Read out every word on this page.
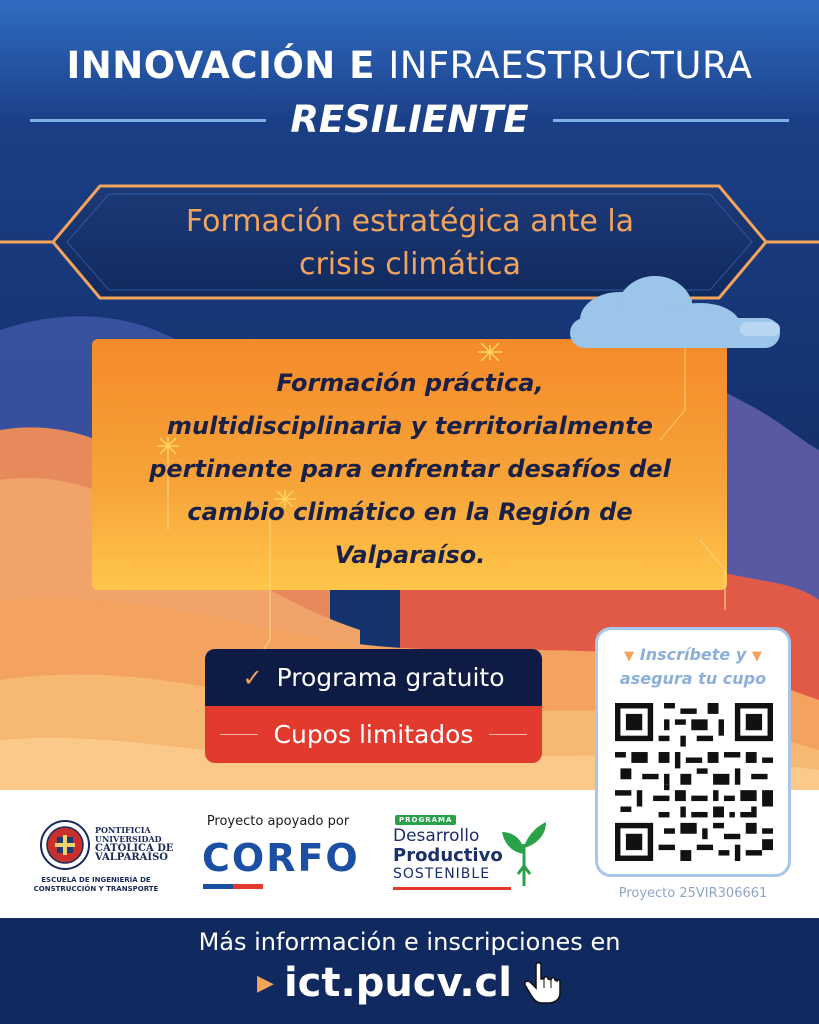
INNOVACIÓN E INFRAESTRUCTURA
RESILIENTE
Formación estratégica ante la
crisis climática
Formación práctica,
multidisciplinaria y territorialmente
pertinente para enfrentar desafíos del
cambio climático en la Región de
Valparaíso.
✓ Programa gratuito
Cupos limitados
▼ Inscríbete y ▼
asegura tu cupo
PONTIFICIA
UNIVERSIDAD
CATÓLICA DE
VALPARAÍSO
ESCUELA DE INGENIERÍA DE
CONSTRUCCIÓN Y TRANSPORTE
Proyecto apoyado por
CORFO
PROGRAMA
Desarrollo
Productivo
SOSTENIBLE
Proyecto 25VIR306661
Más información e inscripciones en
▶ ict.pucv.cl
